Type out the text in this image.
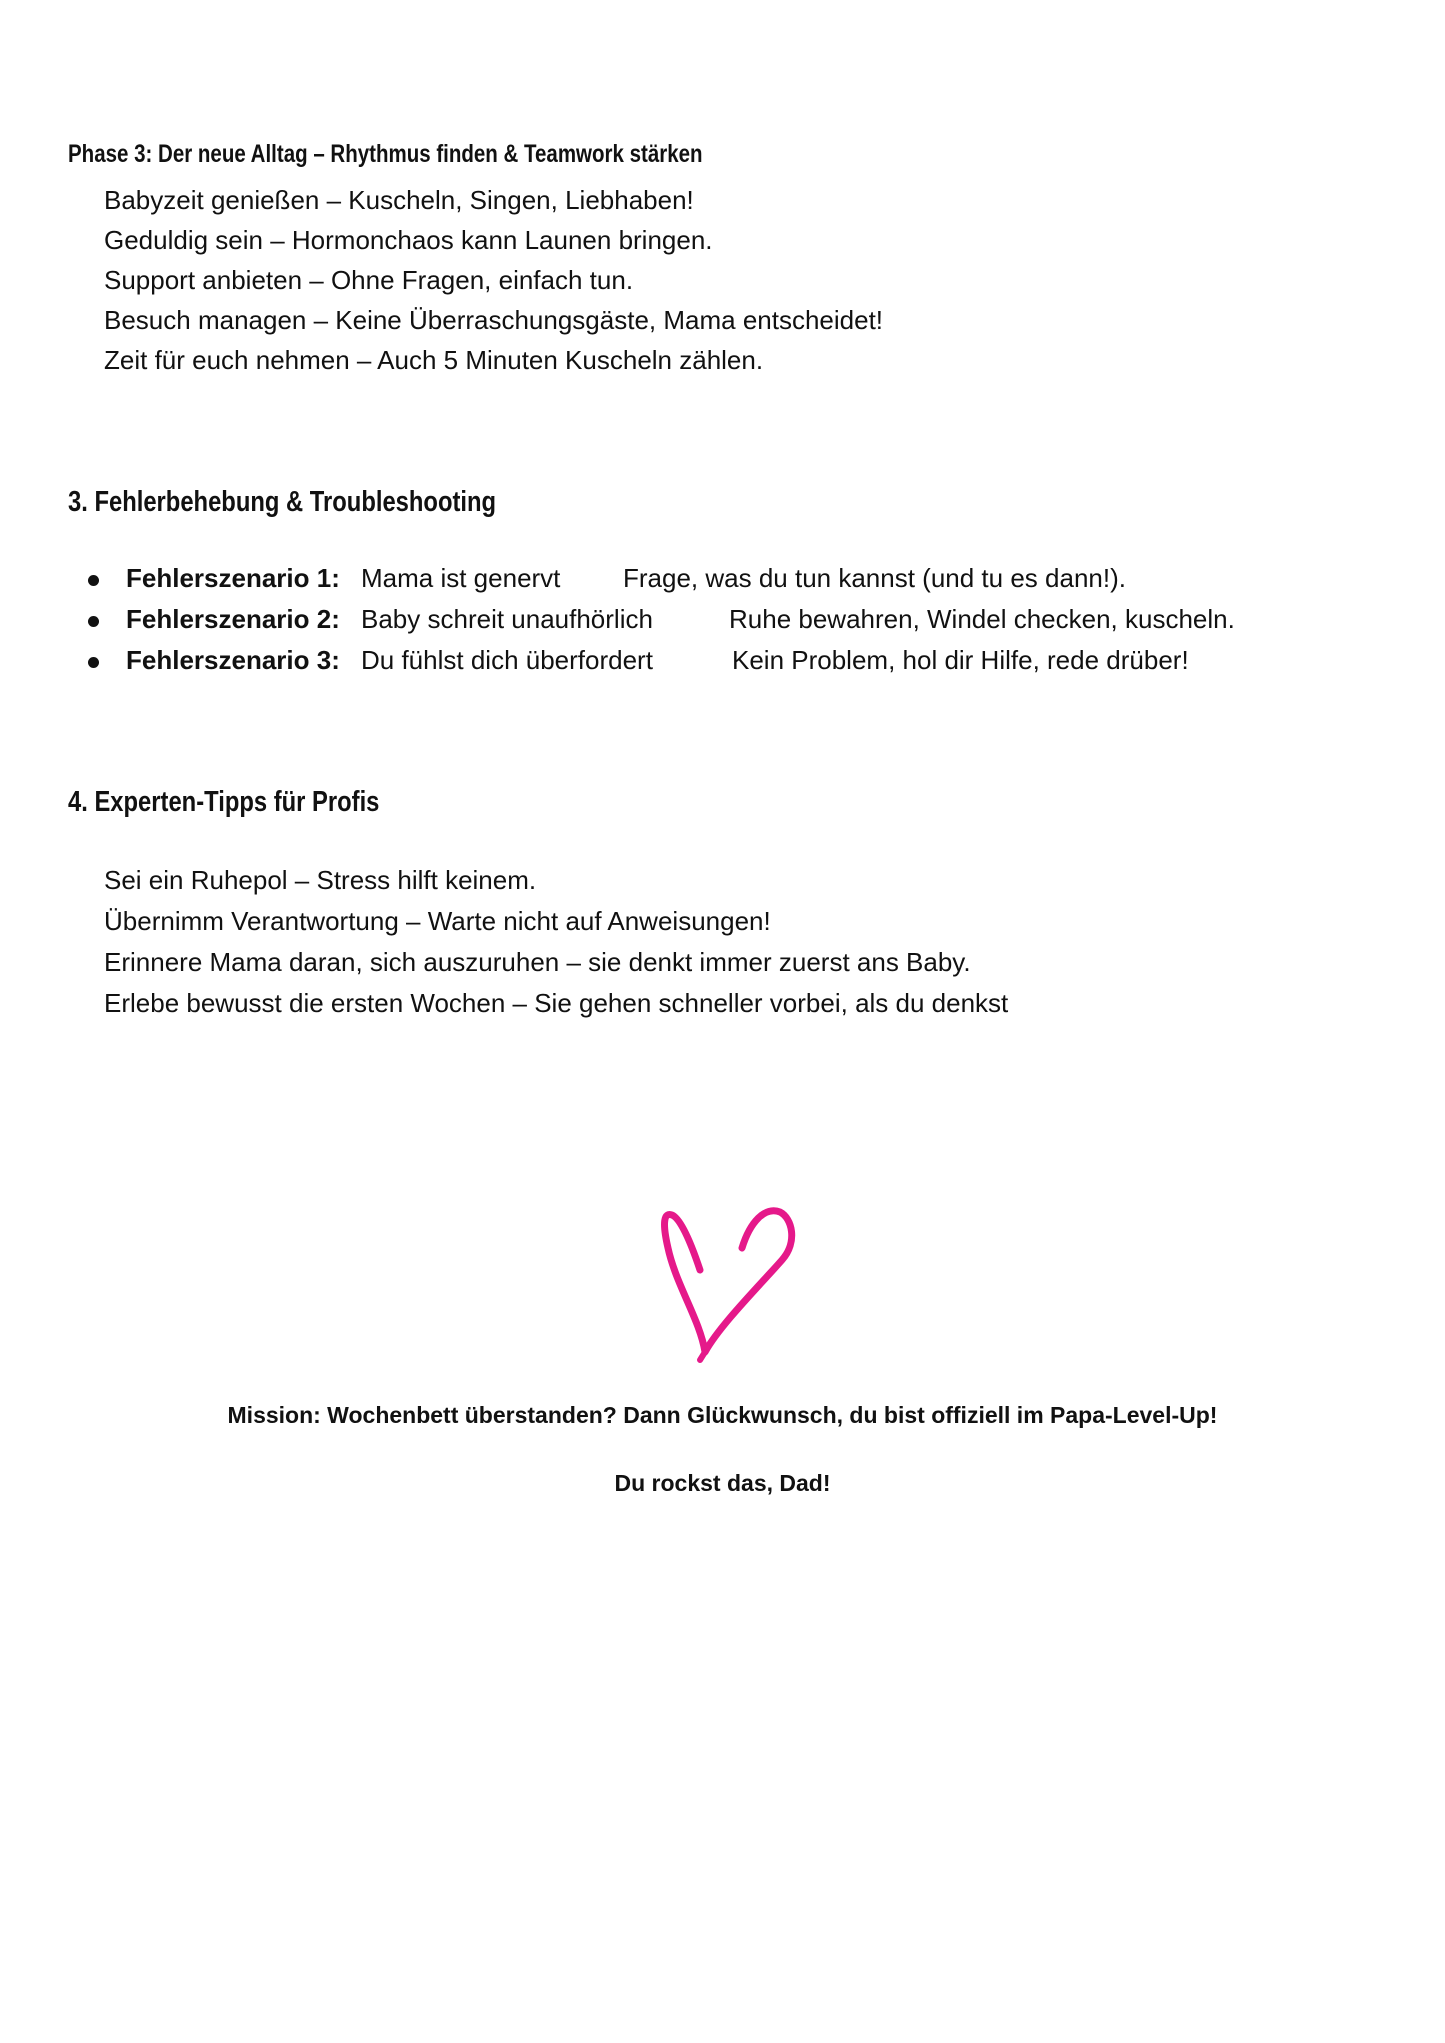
Phase 3: Der neue Alltag – Rhythmus finden & Teamwork stärken
Babyzeit genießen – Kuscheln, Singen, Liebhaben!
Geduldig sein – Hormonchaos kann Launen bringen.
Support anbieten – Ohne Fragen, einfach tun.
Besuch managen – Keine Überraschungsgäste, Mama entscheidet!
Zeit für euch nehmen – Auch 5 Minuten Kuscheln zählen.
3. Fehlerbehebung & Troubleshooting
Fehlerszenario 1: Mama ist genervt Frage, was du tun kannst (und tu es dann!).
Fehlerszenario 2: Baby schreit unaufhörlich	Ruhe bewahren, Windel checken, kuscheln.
Fehlerszenario 3: Du fühlst dich überfordert	Kein Problem, hol dir Hilfe, rede drüber!
4. Experten-Tipps für Profis
Sei ein Ruhepol – Stress hilft keinem.
Übernimm Verantwortung – Warte nicht auf Anweisungen!
Erinnere Mama daran, sich auszuruhen – sie denkt immer zuerst ans Baby.
Erlebe bewusst die ersten Wochen – Sie gehen schneller vorbei, als du denkst
Mission: Wochenbett überstanden? Dann Glückwunsch, du bist offiziell im Papa-Level-Up!
Du rockst das, Dad!
